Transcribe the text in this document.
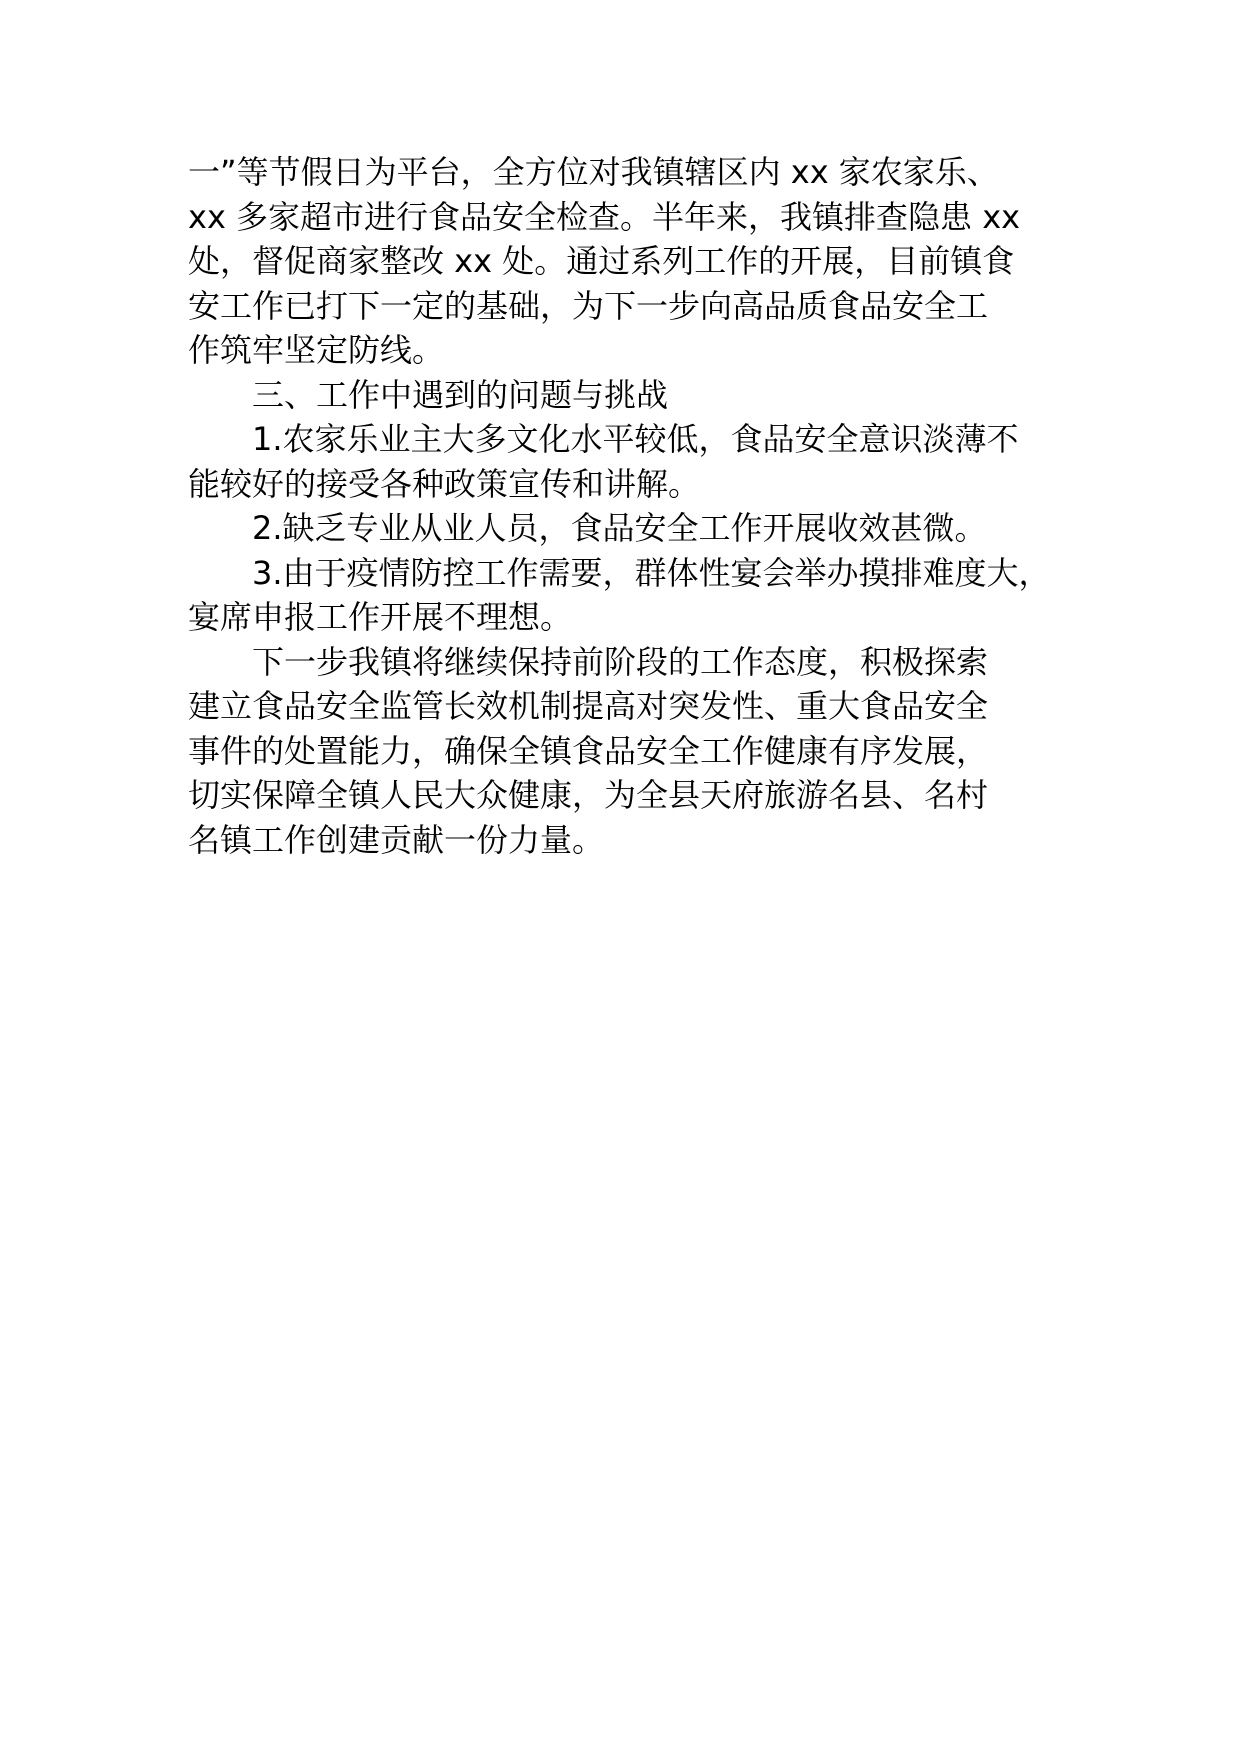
一”等节假日为平台，全方位对我镇辖区内 xx 家农家乐、
xx 多家超市进行食品安全检查。半年来，我镇排查隐患 xx
处，督促商家整改 xx 处。通过系列工作的开展，目前镇食
安工作已打下一定的基础，为下一步向高品质食品安全工
作筑牢坚定防线。

三、工作中遇到的问题与挑战

1.农家乐业主大多文化水平较低，食品安全意识淡薄不
能较好的接受各种政策宣传和讲解。

2.缺乏专业从业人员，食品安全工作开展收效甚微。

3.由于疫情防控工作需要，群体性宴会举办摸排难度大，
宴席申报工作开展不理想。

下一步我镇将继续保持前阶段的工作态度，积极探索
建立食品安全监管长效机制提高对突发性、重大食品安全
事件的处置能力，确保全镇食品安全工作健康有序发展，
切实保障全镇人民大众健康，为全县天府旅游名县、名村
名镇工作创建贡献一份力量。
